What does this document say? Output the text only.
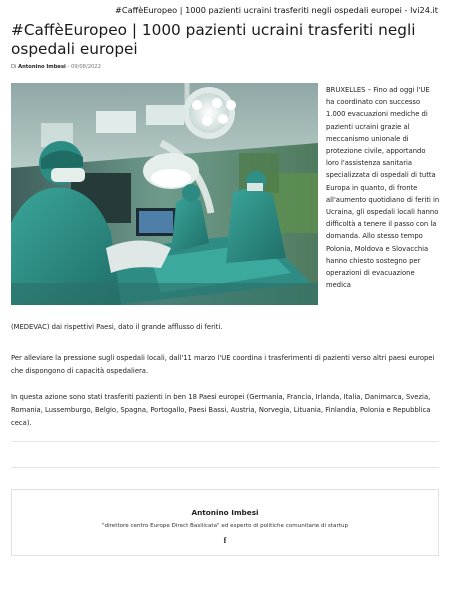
#CaffèEuropeo | 1000 pazienti ucraini trasferiti negli ospedali europei - lvi24.it
#CaffèEuropeo | 1000 pazienti ucraini trasferiti negli ospedali europei
Di Antonino Imbesi - 09/08/2022

BRUXELLES – Fino ad oggi l'UE ha coordinato con successo 1.000 evacuazioni mediche di pazienti ucraini grazie al meccanismo unionale di protezione civile, apportando loro l'assistenza sanitaria specializzata di ospedali di tutta Europa in quanto, di fronte all'aumento quotidiano di feriti in Ucraina, gli ospedali locali hanno difficoltà a tenere il passo con la domanda. Allo stesso tempo Polonia, Moldova e Slovacchia hanno chiesto sostegno per operazioni di evacuazione medica

(MEDEVAC) dai rispettivi Paesi, dato il grande afflusso di feriti.

Per alleviare la pressione sugli ospedali locali, dall'11 marzo l'UE coordina i trasferimenti di pazienti verso altri paesi europei che dispongono di capacità ospedaliera.

In questa azione sono stati trasferiti pazienti in ben 18 Paesi europei (Germania, Francia, Irlanda, Italia, Danimarca, Svezia, Romania, Lussemburgo, Belgio, Spagna, Portogallo, Paesi Bassi, Austria, Norvegia, Lituania, Finlandia, Polonia e Repubblica ceca).

Antonino Imbesi
"direttore centro Europe Direct Basilicata" ed esperto di politiche comunitarie di startup
f
